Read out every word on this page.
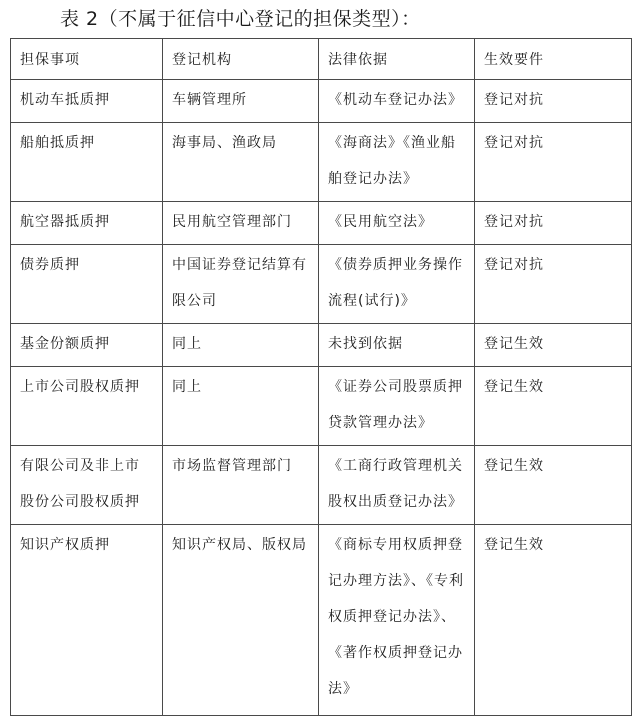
表 2（不属于征信中心登记的担保类型）：
担保事项	登记机构	法律依据	生效要件
机动车抵质押	车辆管理所	《机动车登记办法》	登记对抗
船舶抵质押	海事局、渔政局	《海商法》《渔业船舶登记办法》	登记对抗
航空器抵质押	民用航空管理部门	《民用航空法》	登记对抗
债券质押	中国证券登记结算有限公司	《债券质押业务操作流程(试行)》	登记对抗
基金份额质押	同上	未找到依据	登记生效
上市公司股权质押	同上	《证券公司股票质押贷款管理办法》	登记生效
有限公司及非上市股份公司股权质押	市场监督管理部门	《工商行政管理机关股权出质登记办法》	登记生效
知识产权质押	知识产权局、版权局	《商标专用权质押登记办理方法》、《专利权质押登记办法》、《著作权质押登记办法》	登记生效
